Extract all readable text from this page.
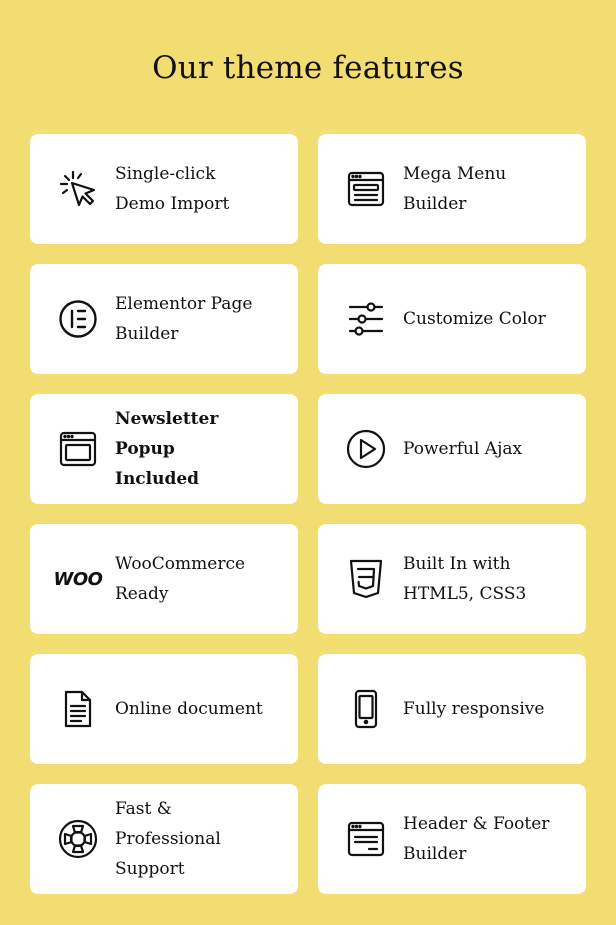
Our theme features
Single-click
Demo Import
Mega Menu
Builder
Elementor Page
Builder
Customize Color
Newsletter Popup
Included
Powerful Ajax
WOO
WooCommerce
Ready
Built In with
HTML5, CSS3
Online document	Fully responsive
Fast & Professional
Support
Header & Footer
Builder
